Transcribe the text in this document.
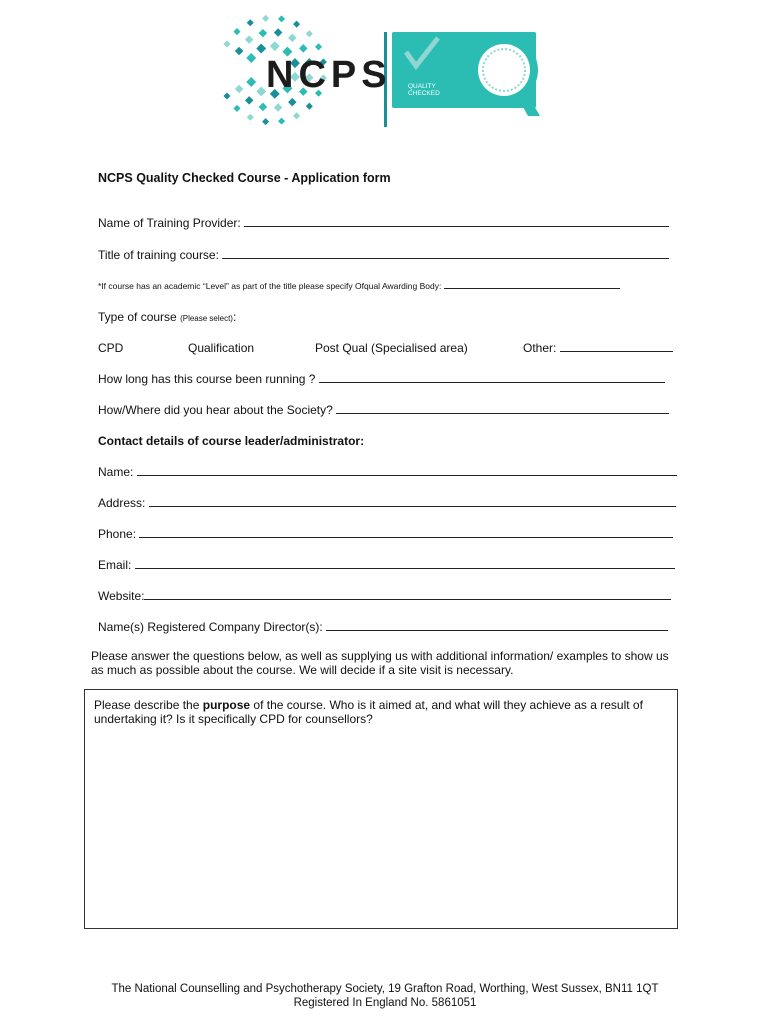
NCPS	QUALITY
CHECKED
NCPS Quality Checked Course - Application form
Name of Training Provider:
Title of training course:
*If course has an academic “Level” as part of the title please specify Ofqual Awarding Body:
Type of course (Please select):
CPD	Qualification	Post Qual (Specialised area)	Other:
How long has this course been running ?
How/Where did you hear about the Society?
Contact details of course leader/administrator:
Name:
Address:
Phone:
Email:
Website:
Name(s) Registered Company Director(s):
Please answer the questions below, as well as supplying us with additional information/ examples to show us as much as possible about the course. We will decide if a site visit is necessary.
Please describe the purpose of the course. Who is it aimed at, and what will they achieve as a result of undertaking it? Is it specifically CPD for counsellors?
The National Counselling and Psychotherapy Society, 19 Grafton Road, Worthing, West Sussex, BN11 1QT
Registered In England No. 5861051
